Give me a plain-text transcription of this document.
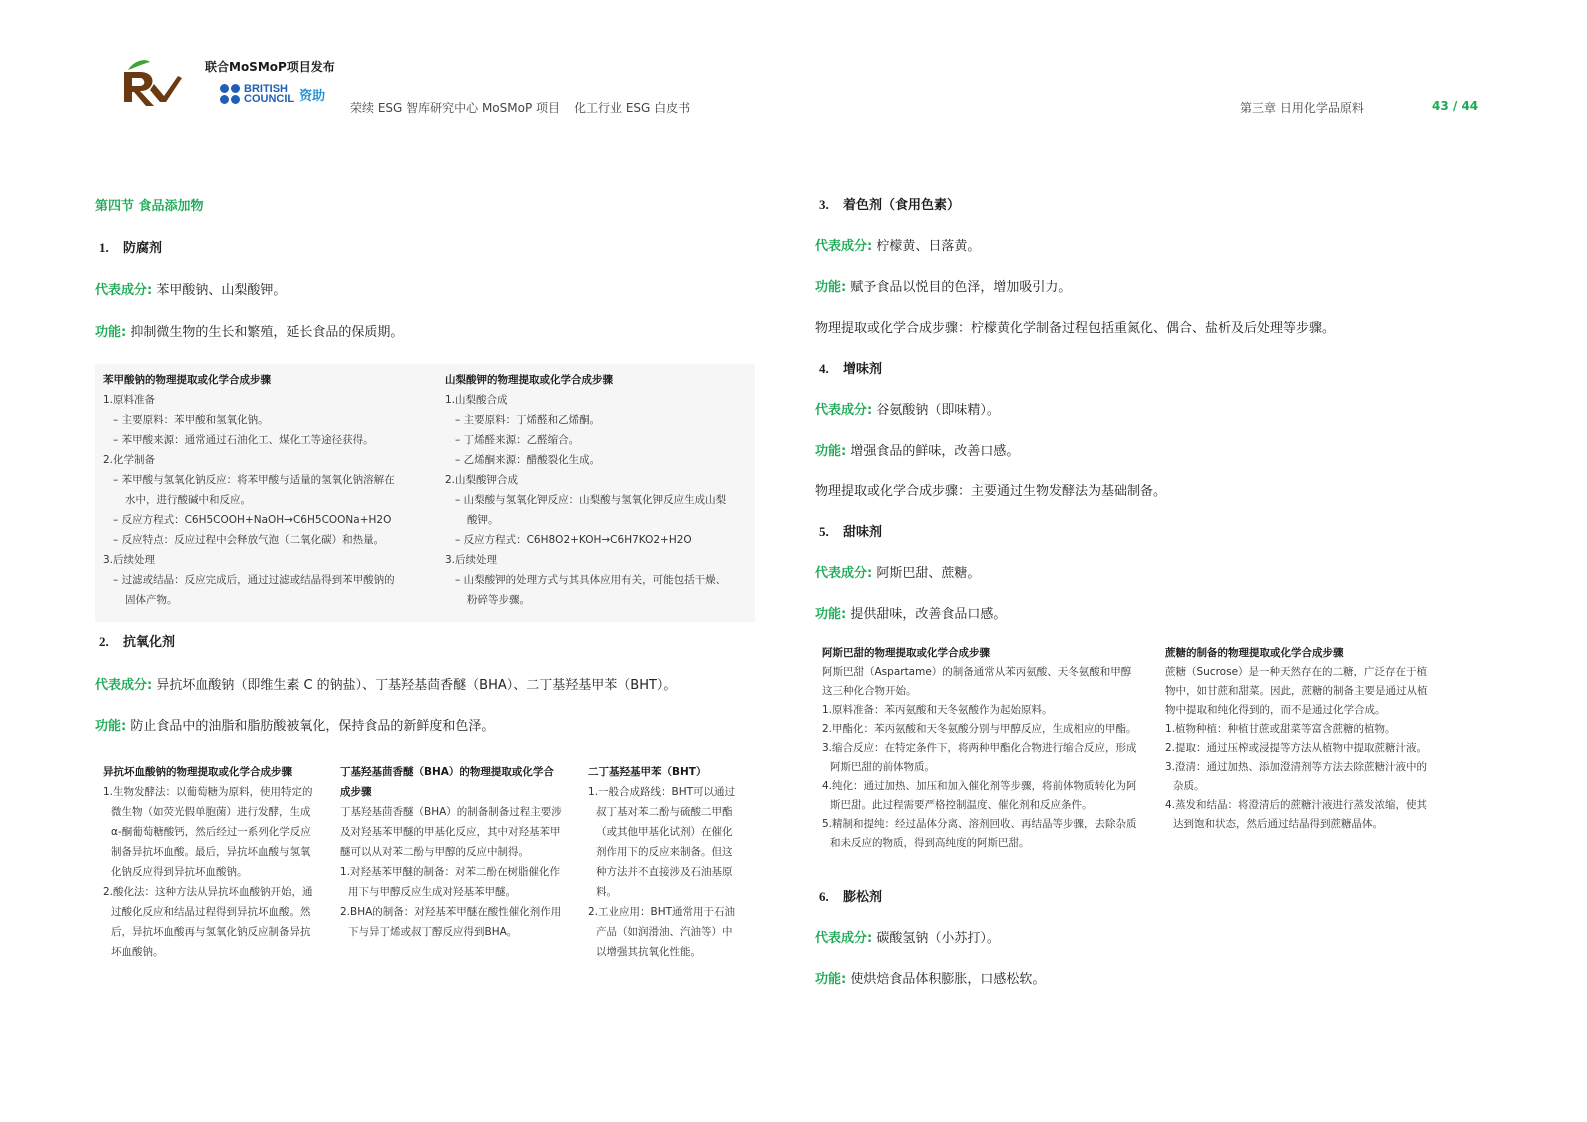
联合MoSMoP项目发布
BRITISH
COUNCIL 资助
荣续 ESG 智库研究中心 MoSMoP 项目 化工行业 ESG 白皮书	第三章 日用化学品原料	43 / 44
第四节 食品添加物
1. 防腐剂
代表成分: 苯甲酸钠、山梨酸钾。
功能: 抑制微生物的生长和繁殖，延长食品的保质期。
苯甲酸钠的物理提取或化学合成步骤

1.原料准备

– 主要原料：苯甲酸和氢氧化钠。

– 苯甲酸来源：通常通过石油化工、煤化工等途径获得。

2.化学制备

– 苯甲酸与氢氧化钠反应：将苯甲酸与适量的氢氧化钠溶解在水中，进行酸碱中和反应。

– 反应方程式：C6H5COOH+NaOH→C6H5COONa+H2O

– 反应特点：反应过程中会释放气泡（二氧化碳）和热量。

3.后续处理

– 过滤或结晶：反应完成后，通过过滤或结晶得到苯甲酸钠的固体产物。

山梨酸钾的物理提取或化学合成步骤

1.山梨酸合成

– 主要原料：丁烯醛和乙烯酮。

– 丁烯醛来源：乙醛缩合。

– 乙烯酮来源：醋酸裂化生成。

2.山梨酸钾合成

– 山梨酸与氢氧化钾反应：山梨酸与氢氧化钾反应生成山梨酸钾。

– 反应方程式：C6H8O2+KOH→C6H7KO2+H2O

3.后续处理

– 山梨酸钾的处理方式与其具体应用有关，可能包括干燥、粉碎等步骤。

2. 抗氧化剂
代表成分: 异抗坏血酸钠（即维生素 C 的钠盐）、丁基羟基茴香醚（BHA）、二丁基羟基甲苯（BHT）。
功能: 防止食品中的油脂和脂肪酸被氧化，保持食品的新鲜度和色泽。
异抗坏血酸钠的物理提取或化学合成步骤

1.生物发酵法：以葡萄糖为原料，使用特定的微生物（如荧光假单胞菌）进行发酵，生成α-酮葡萄糖酸钙，然后经过一系列化学反应制备异抗坏血酸。最后，异抗坏血酸与氢氧化钠反应得到异抗坏血酸钠。

2.酸化法：这种方法从异抗坏血酸钠开始，通过酸化反应和结晶过程得到异抗坏血酸。然后，异抗坏血酸再与氢氧化钠反应制备异抗坏血酸钠。

丁基羟基茴香醚（BHA）的物理提取或化学合成步骤

丁基羟基茴香醚（BHA）的制备制备过程主要涉及对羟基苯甲醚的甲基化反应，其中对羟基苯甲醚可以从对苯二酚与甲醇的反应中制得。

1.对羟基苯甲醚的制备：对苯二酚在树脂催化作用下与甲醇反应生成对羟基苯甲醚。

2.BHA的制备：对羟基苯甲醚在酸性催化剂作用下与异丁烯或叔丁醇反应得到BHA。

二丁基羟基甲苯（BHT）

1.一般合成路线：BHT可以通过叔丁基对苯二酚与硫酸二甲酯（或其他甲基化试剂）在催化剂作用下的反应来制备。但这种方法并不直接涉及石油基原料。

2.工业应用：BHT通常用于石油产品（如润滑油、汽油等）中以增强其抗氧化性能。

3. 着色剂（食用色素）
代表成分: 柠檬黄、日落黄。
功能: 赋予食品以悦目的色泽，增加吸引力。
物理提取或化学合成步骤：柠檬黄化学制备过程包括重氮化、偶合、盐析及后处理等步骤。
4. 增味剂
代表成分: 谷氨酸钠（即味精）。
功能: 增强食品的鲜味，改善口感。
物理提取或化学合成步骤：主要通过生物发酵法为基础制备。
5. 甜味剂
代表成分: 阿斯巴甜、蔗糖。
功能: 提供甜味，改善食品口感。
阿斯巴甜的物理提取或化学合成步骤

阿斯巴甜（Aspartame）的制备通常从苯丙氨酸、天冬氨酸和甲醇这三种化合物开始。

1.原料准备：苯丙氨酸和天冬氨酸作为起始原料。

2.甲酯化：苯丙氨酸和天冬氨酸分别与甲醇反应，生成相应的甲酯。

3.缩合反应：在特定条件下，将两种甲酯化合物进行缩合反应，形成阿斯巴甜的前体物质。

4.纯化：通过加热、加压和加入催化剂等步骤，将前体物质转化为阿斯巴甜。此过程需要严格控制温度、催化剂和反应条件。

5.精制和提纯：经过晶体分离、溶剂回收、再结晶等步骤，去除杂质和未反应的物质，得到高纯度的阿斯巴甜。

蔗糖的制备的物理提取或化学合成步骤

蔗糖（Sucrose）是一种天然存在的二糖，广泛存在于植物中，如甘蔗和甜菜。因此，蔗糖的制备主要是通过从植物中提取和纯化得到的，而不是通过化学合成。

1.植物种植：种植甘蔗或甜菜等富含蔗糖的植物。

2.提取：通过压榨或浸提等方法从植物中提取蔗糖汁液。

3.澄清：通过加热、添加澄清剂等方法去除蔗糖汁液中的杂质。

4.蒸发和结晶：将澄清后的蔗糖汁液进行蒸发浓缩，使其达到饱和状态，然后通过结晶得到蔗糖晶体。

6. 膨松剂
代表成分: 碳酸氢钠（小苏打）。
功能: 使烘焙食品体积膨胀，口感松软。
